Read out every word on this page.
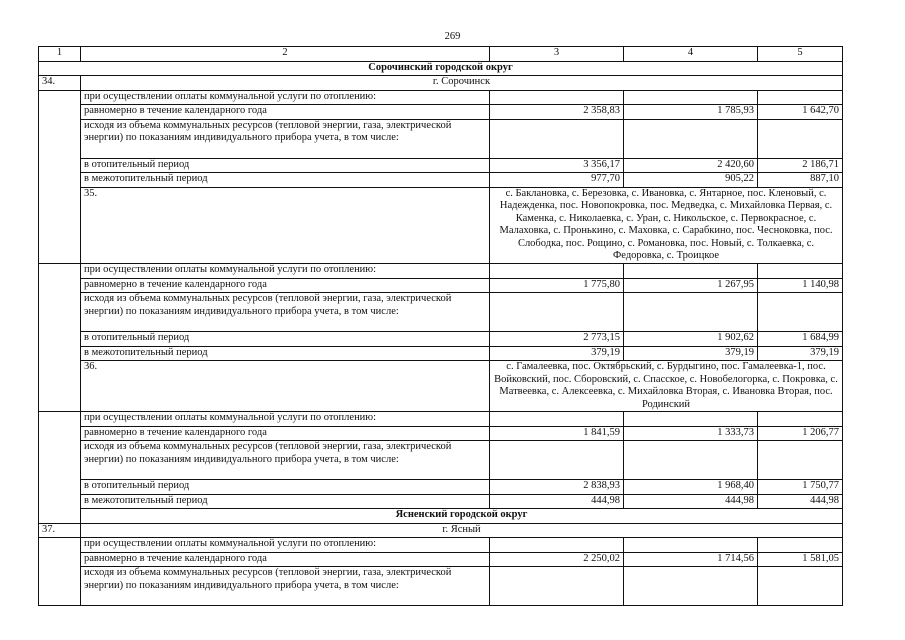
269
1	2	3	4	5
Сорочинский городской округ				
34.	г. Сорочинск			
	при осуществлении оплаты коммунальной услуги по отоплению:			
	равномерно в течение календарного года	2 358,83	1 785,93	1 642,70
	исходя из объема коммунальных ресурсов (тепловой энергии, газа, электрической энергии) по показаниям индивидуального прибора учета, в том числе:			
	в отопительный период	3 356,17	2 420,60	2 186,71
	в межотопительный период	977,70	905,22	887,10
	35.	с. Баклановка, с. Березовка, с. Ивановка, с. Янтарное, пос. Кленовый, с. Надежденка, пос. Новопокровка, пос. Медведка, с. Михайловка Первая, с. Каменка, с. Николаевка, с. Уран, с. Никольское, с. Первокрасное, с. Малаховка, с. Пронькино, с. Маховка, с. Сарабкино, пос. Чесноковка, пос. Слободка, пос. Рощино, с. Романовка, пос. Новый, с. Толкаевка, с. Федоровка, с. Троицкое		
	при осуществлении оплаты коммунальной услуги по отоплению:			
	равномерно в течение календарного года	1 775,80	1 267,95	1 140,98
	исходя из объема коммунальных ресурсов (тепловой энергии, газа, электрической энергии) по показаниям индивидуального прибора учета, в том числе:			
	в отопительный период	2 773,15	1 902,62	1 684,99
	в межотопительный период	379,19	379,19	379,19
	36.	с. Гамалеевка, пос. Октябрьский, с. Бурдыгино, пос. Гамалеевка-1, пос. Войковский, пос. Сборовский, с. Спасское, с. Новобелогорка, с. Покровка, с. Матвеевка, с. Алексеевка, с. Михайловка Вторая, с. Ивановка Вторая, пос. Родинский		
	при осуществлении оплаты коммунальной услуги по отоплению:			
	равномерно в течение календарного года	1 841,59	1 333,73	1 206,77
	исходя из объема коммунальных ресурсов (тепловой энергии, газа, электрической энергии) по показаниям индивидуального прибора учета, в том числе:			
	в отопительный период	2 838,93	1 968,40	1 750,77
	в межотопительный период	444,98	444,98	444,98
	Ясненский городской округ			
37.	г. Ясный			
	при осуществлении оплаты коммунальной услуги по отоплению:			
	равномерно в течение календарного года	2 250,02	1 714,56	1 581,05
	исходя из объема коммунальных ресурсов (тепловой энергии, газа, электрической энергии) по показаниям индивидуального прибора учета, в том числе:			
